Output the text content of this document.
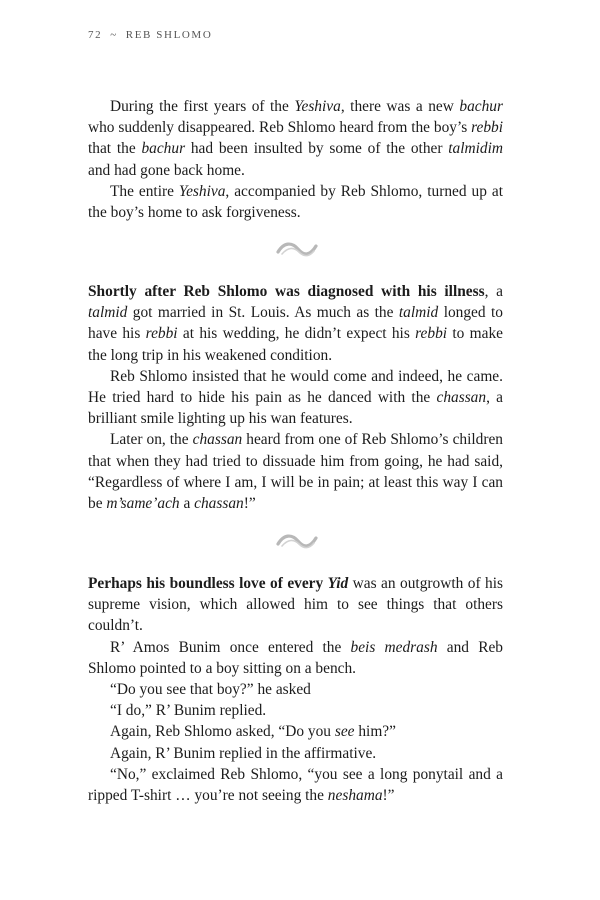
72 ~ REB SHLOMO

During the first years of the Yeshiva, there was a new bachur who suddenly disappeared. Reb Shlomo heard from the boy’s rebbi that the bachur had been insulted by some of the other talmidim and had gone back home.

The entire Yeshiva, accompanied by Reb Shlomo, turned up at the boy’s home to ask forgiveness.

Shortly after Reb Shlomo was diagnosed with his illness, a talmid got married in St. Louis. As much as the talmid longed to have his rebbi at his wedding, he didn’t expect his rebbi to make the long trip in his weakened condition.

Reb Shlomo insisted that he would come and indeed, he came. He tried hard to hide his pain as he danced with the chassan, a brilliant smile lighting up his wan features.

Later on, the chassan heard from one of Reb Shlomo’s children that when they had tried to dissuade him from going, he had said, “Regardless of where I am, I will be in pain; at least this way I can be m’same’ach a chassan!”

Perhaps his boundless love of every Yid was an outgrowth of his supreme vision, which allowed him to see things that others couldn’t.

R’ Amos Bunim once entered the beis medrash and Reb Shlomo pointed to a boy sitting on a bench.

“Do you see that boy?” he asked

“I do,” R’ Bunim replied.

Again, Reb Shlomo asked, “Do you see him?”

Again, R’ Bunim replied in the affirmative.

“No,” exclaimed Reb Shlomo, “you see a long ponytail and a ripped T-shirt … you’re not seeing the neshama!”
